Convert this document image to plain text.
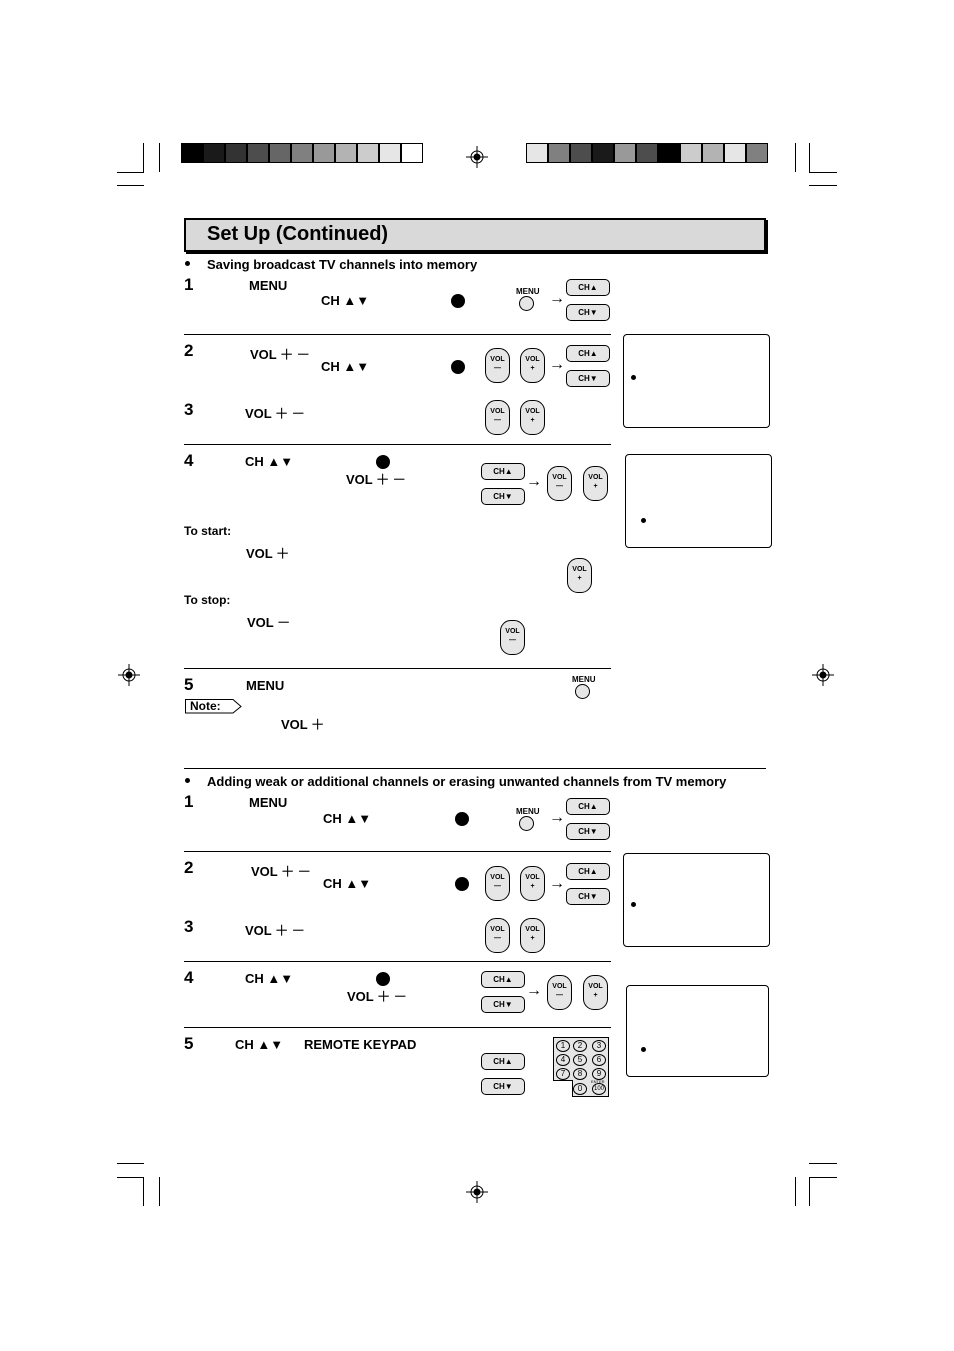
Set Up (Continued)
Saving broadcast TV channels into memory
1	MENU
CH ▲▼
MENU →
CH▲
CH▼
2	VOL ＋ －
CH ▲▼	VOL
—
VOL
+ →
CH▲
CH▼
3	VOL ＋ －	VOL
—
VOL
+
4	CH ▲▼
VOL ＋ －
CH▲
CH▼
→	VOL
—
VOL
+
To start:
VOL ＋
VOL
+
To stop:
VOL －
VOL
—
5	MENU	MENU
Note:
VOL ＋
Adding weak or additional channels or erasing unwanted channels from TV memory
1	MENU
CH ▲▼	MENU →
CH▲
CH▼
2	VOL ＋ －
CH ▲▼	VOL
—
VOL
+ →
CH▲
CH▼
3	VOL ＋ －	VOL
—
VOL
+
4	CH ▲▼
VOL ＋ －
CH▲
CH▼
→	VOL
—
VOL
+
5	CH ▲▼ REMOTE KEYPAD
CH▲
CH▼
1	2	3
4	5	6
7	8	9
ENTER
0	100
